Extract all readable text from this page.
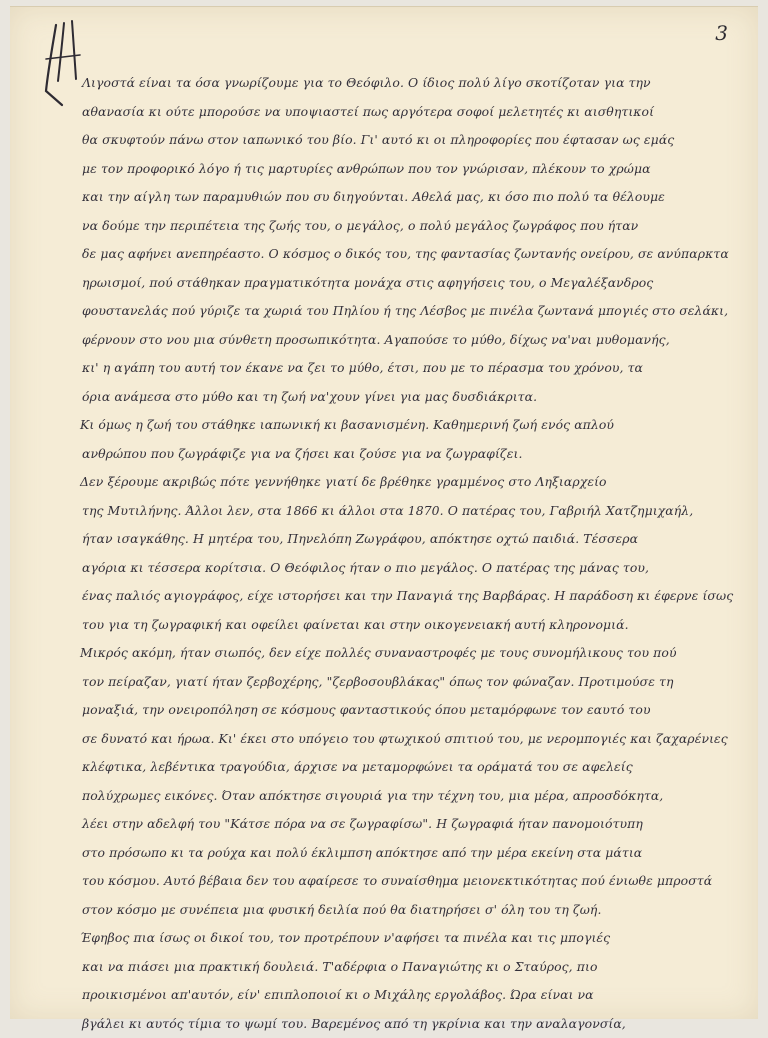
3
Λιγοστά είναι τα όσα γνωρίζουμε για το Θεόφιλο. Ο ίδιος πολύ λίγο σκοτίζοταν για την
αθανασία κι ούτε μπορούσε να υποψιαστεί πως αργότερα σοφοί μελετητές κι αισθητικοί
θα σκυφτούν πάνω στον ιαπωνικό του βίο. Γι' αυτό κι οι πληροφορίες που έφτασαν ως εμάς
με τον προφορικό λόγο ή τις μαρτυρίες ανθρώπων που τον γνώρισαν, πλέκουν το χρώμα
και την αίγλη των παραμυθιών που συ διηγούνται. Αθελά μας, κι όσο πιο πολύ τα θέλουμε
να δούμε την περιπέτεια της ζωής του, ο μεγάλος, ο πολύ μεγάλος ζωγράφος που ήταν
δε μας αφήνει ανεπηρέαστο. Ο κόσμος ο δικός του, της φαντασίας ζωντανής ονείρου, σε ανύπαρκτα
ηρωισμοί, πού στάθηκαν πραγματικότητα μονάχα στις αφηγήσεις του, ο Μεγαλέξανδρος
φουστανελάς πού γύριζε τα χωριά του Πηλίου ή της Λέσβος με πινέλα ζωντανά μπογιές στο σελάκι,
φέρνουν στο νου μια σύνθετη προσωπικότητα. Αγαπούσε το μύθο, δίχως να'ναι μυθομανής,
κι' η αγάπη του αυτή τον έκανε να ζει το μύθο, έτσι, που με το πέρασμα του χρόνου, τα
όρια ανάμεσα στο μύθο και τη ζωή να'χουν γίνει για μας δυσδιάκριτα.
Κι όμως η ζωή του στάθηκε ιαπωνική κι βασανισμένη. Καθημερινή ζωή ενός απλού
ανθρώπου που ζωγράφιζε για να ζήσει και ζούσε για να ζωγραφίζει.
Δεν ξέρουμε ακριβώς πότε γεννήθηκε γιατί δε βρέθηκε γραμμένος στο Ληξιαρχείο
της Μυτιλήνης. Άλλοι λεν, στα 1866 κι άλλοι στα 1870. Ο πατέρας του, Γαβριήλ Χατζημιχαήλ,
ήταν ισαγκάθης. Η μητέρα του, Πηνελόπη Ζωγράφου, απόκτησε οχτώ παιδιά. Τέσσερα
αγόρια κι τέσσερα κορίτσια. Ο Θεόφιλος ήταν ο πιο μεγάλος. Ο πατέρας της μάνας του,
ένας παλιός αγιογράφος, είχε ιστορήσει και την Παναγιά της Βαρβάρας. Η παράδοση κι έφερνε ίσως
του για τη ζωγραφική και οφείλει φαίνεται και στην οικογενειακή αυτή κληρονομιά.
Μικρός ακόμη, ήταν σιωπός, δεν είχε πολλές συναναστροφές με τους συνομήλικους του πού
τον πείραζαν, γιατί ήταν ζερβοχέρης, "ζερβοσουβλάκας" όπως τον φώναζαν. Προτιμούσε τη
μοναξιά, την ονειροπόληση σε κόσμους φανταστικούς όπου μεταμόρφωνε τον εαυτό του
σε δυνατό και ήρωα. Κι' έκει στο υπόγειο του φτωχικού σπιτιού του, με νερομπογιές και ζαχαρένιες
κλέφτικα, λεβέντικα τραγούδια, άρχισε να μεταμορφώνει τα οράματά του σε αφελείς
πολύχρωμες εικόνες. Όταν απόκτησε σιγουριά για την τέχνη του, μια μέρα, απροσδόκητα,
λέει στην αδελφή του "Κάτσε πόρα να σε ζωγραφίσω". Η ζωγραφιά ήταν πανομοιότυπη
στο πρόσωπο κι τα ρούχα και πολύ έκλιμπση απόκτησε από την μέρα εκείνη στα μάτια
του κόσμου. Αυτό βέβαια δεν του αφαίρεσε το συναίσθημα μειονεκτικότητας πού ένιωθε μπροστά
στον κόσμο με συνέπεια μια φυσική δειλία πού θα διατηρήσει σ' όλη του τη ζωή.
Έφηβος πια ίσως οι δικοί του, τον προτρέπουν ν'αφήσει τα πινέλα και τις μπογιές
και να πιάσει μια πρακτική δουλειά. Τ'αδέρφια ο Παναγιώτης κι ο Σταύρος, πιο
προικισμένοι απ'αυτόν, είν' επιπλοποιοί κι ο Μιχάλης εργολάβος. Ώρα είναι να
βγάλει κι αυτός τίμια το ψωμί του. Βαρεμένος από τη γκρίνια και την αναλαγονσία,
